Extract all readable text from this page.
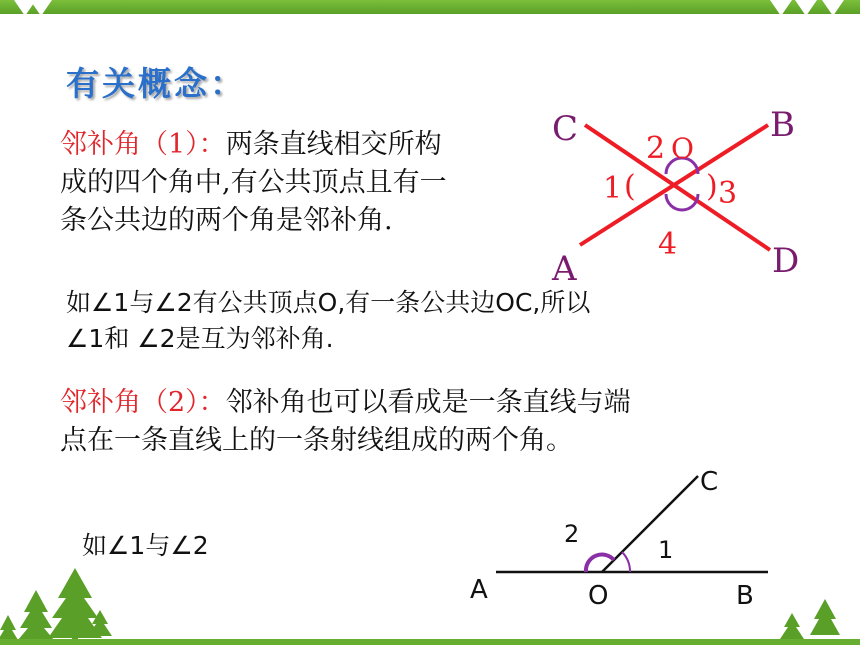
有关概念：
邻补角（1）：两条直线相交所构
成的四个角中,有公共顶点且有一
条公共边的两个角是邻补角.
C	B
A	D
O
2
1 ( ) 3
4
如∠1与∠2有公共顶点O,有一条公共边OC,所以
∠1和 ∠2是互为邻补角.
邻补角（2）：邻补角也可以看成是一条直线与端
点在一条直线上的一条射线组成的两个角。
如∠1与∠2
C
2
1
A	O	B
